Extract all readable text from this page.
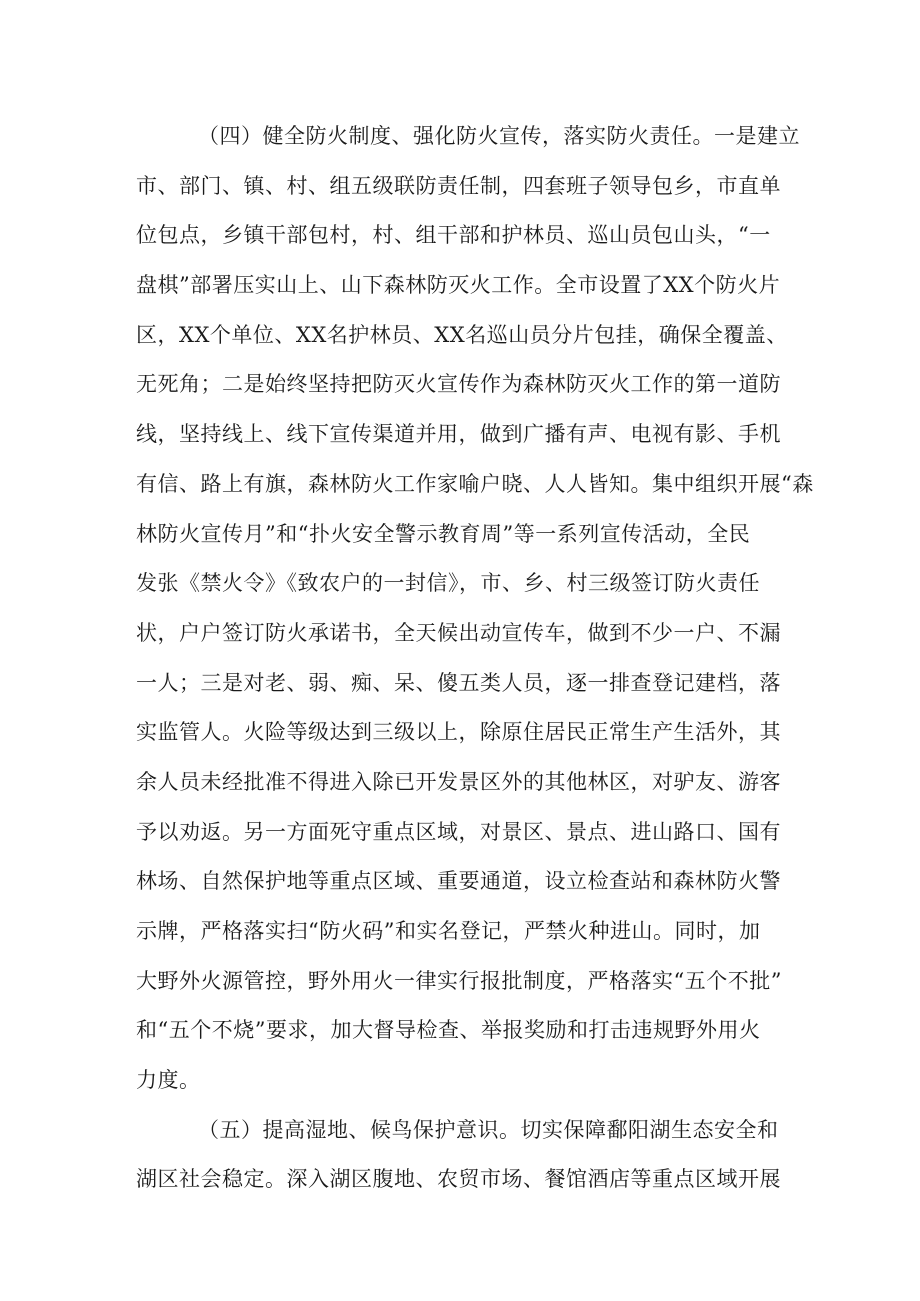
（四）健全防火制度、强化防火宣传，落实防火责任。一是建立
市、部门、镇、村、组五级联防责任制，四套班子领导包乡，市直单
位包点，乡镇干部包村，村、组干部和护林员、巡山员包山头，“一
盘棋”部署压实山上、山下森林防灭火工作。全市设置了XX个防火片
区，XX个单位、XX名护林员、XX名巡山员分片包挂，确保全覆盖、
无死角；二是始终坚持把防灭火宣传作为森林防灭火工作的第一道防
线，坚持线上、线下宣传渠道并用，做到广播有声、电视有影、手机
有信、路上有旗，森林防火工作家喻户晓、人人皆知。集中组织开展“森
林防火宣传月”和“扑火安全警示教育周”等一系列宣传活动，全民
发张《禁火令》《致农户的一封信》，市、乡、村三级签订防火责任
状，户户签订防火承诺书，全天候出动宣传车，做到不少一户、不漏
一人；三是对老、弱、痴、呆、傻五类人员，逐一排查登记建档，落
实监管人。火险等级达到三级以上，除原住居民正常生产生活外，其
余人员未经批准不得进入除已开发景区外的其他林区，对驴友、游客
予以劝返。另一方面死守重点区域，对景区、景点、进山路口、国有
林场、自然保护地等重点区域、重要通道，设立检查站和森林防火警
示牌，严格落实扫“防火码”和实名登记，严禁火种进山。同时，加
大野外火源管控，野外用火一律实行报批制度，严格落实“五个不批”
和“五个不烧”要求，加大督导检查、举报奖励和打击违规野外用火
力度。
（五）提高湿地、候鸟保护意识。切实保障鄱阳湖生态安全和
湖区社会稳定。深入湖区腹地、农贸市场、餐馆酒店等重点区域开展
